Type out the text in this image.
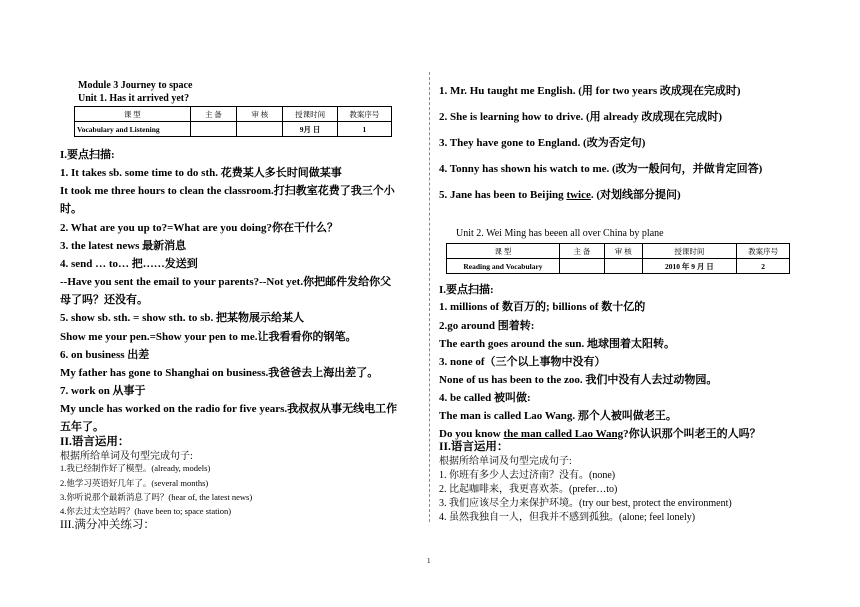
Module 3 Journey to space
Unit 1. Has it arrived yet?
课 型	主 备	审 核	授课时间	教案序号
Vocabulary and Listening			9月 日	1
I.要点扫描:
1. It takes sb. some time to do sth. 花费某人多长时间做某事
It took me three hours to clean the classroom.打扫教室花费了我三个小
时。
2. What are you up to?=What are you doing?你在干什么？
3. the latest news 最新消息
4. send … to… 把……发送到
--Have you sent the email to your parents?--Not yet.你把邮件发给你父
母了吗？还没有。
5. show sb. sth. = show sth. to sb. 把某物展示给某人
Show me your pen.=Show your pen to me.让我看看你的钢笔。
6. on business 出差
My father has gone to Shanghai on business.我爸爸去上海出差了。
7. work on 从事于
My uncle has worked on the radio for five years.我叔叔从事无线电工作
五年了。
II.语言运用：
根据所给单词及句型完成句子:
1.我已经制作好了模型。(already, models)
2.他学习英语好几年了。(several months)
3.你听说那个最新消息了吗？(hear of, the latest news)
4.你去过太空站吗？(have been to; space station)
III.满分冲关练习：
1. Mr. Hu taught me English. (用 for two years 改成现在完成时)
2. She is learning how to drive. (用 already 改成现在完成时)
3. They have gone to England. (改为否定句)
4. Tonny has shown his watch to me. (改为一般问句，并做肯定回答)
5. Jane has been to Beijing twice. (对划线部分提问)
Unit 2. Wei Ming has beeen all over China by plane
课 型	主 备	审 核	授课时间	教案序号
Reading and Vocabulary			2010 年 9 月 日	2
I.要点扫描:
1. millions of 数百万的; billions of 数十亿的
2.go around 围着转:
The earth goes around the sun. 地球围着太阳转。
3. none of（三个以上事物中没有）
None of us has been to the zoo. 我们中没有人去过动物园。
4. be called 被叫做:
The man is called Lao Wang. 那个人被叫做老王。
Do you know the man called Lao Wang?你认识那个叫老王的人吗？
II.语言运用：
根据所给单词及句型完成句子:
1. 你班有多少人去过济南？没有。(none)
2. 比起咖啡来，我更喜欢茶。(prefer…to)
3. 我们应该尽全力来保护环境。(try our best, protect the environment)
4. 虽然我独自一人，但我并不感到孤独。(alone; feel lonely)
1
